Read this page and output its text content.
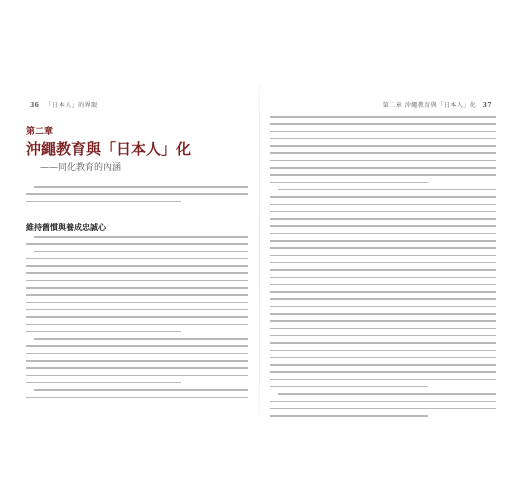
36 「日本人」的界限
第二章
沖繩教育與「日本人」化
——同化教育的內涵
維持舊慣與養成忠誠心
第二章 沖繩教育與「日本人」化 37
